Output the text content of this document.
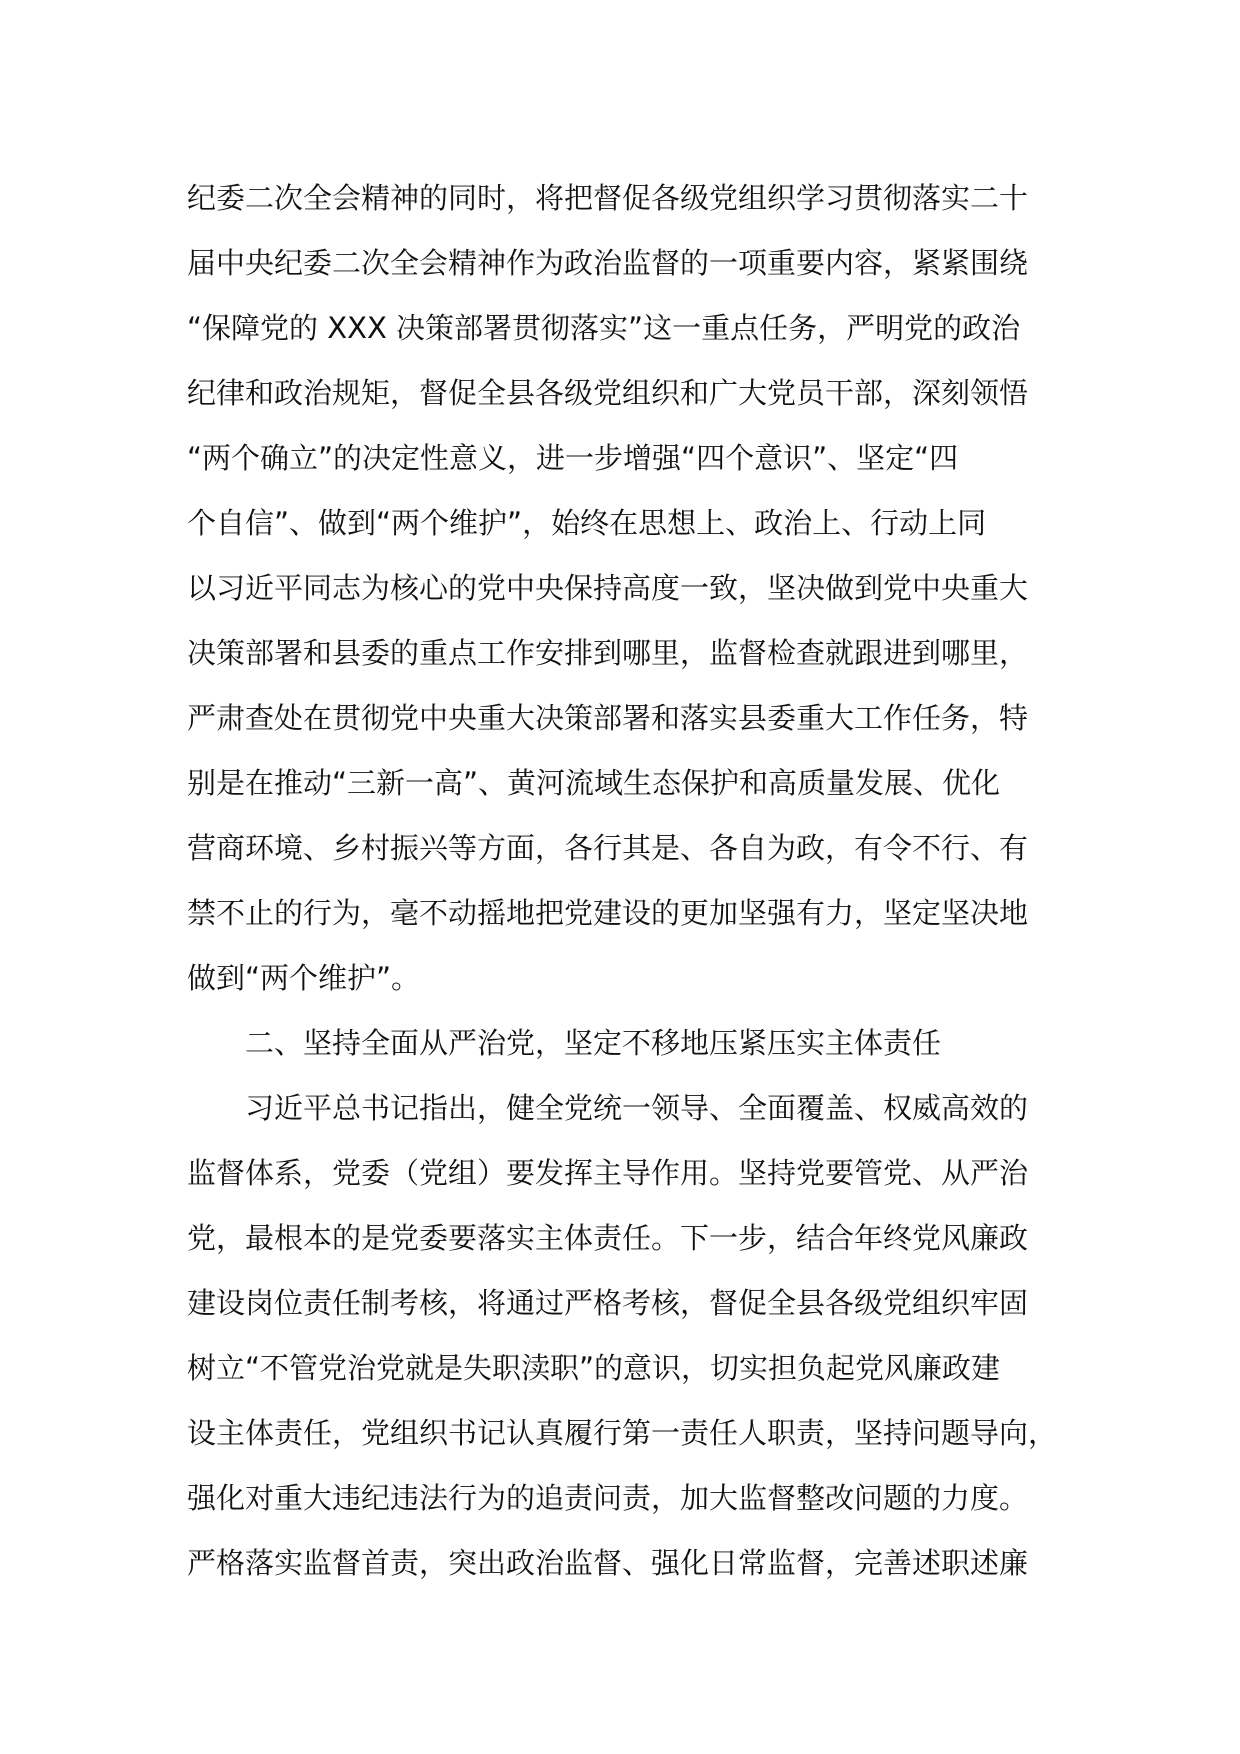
纪委二次全会精神的同时，将把督促各级党组织学习贯彻落实二十
届中央纪委二次全会精神作为政治监督的一项重要内容，紧紧围绕
“保障党的 XXX 决策部署贯彻落实”这一重点任务，严明党的政治
纪律和政治规矩，督促全县各级党组织和广大党员干部，深刻领悟
“两个确立”的决定性意义，进一步增强“四个意识”、坚定“四
个自信”、做到“两个维护”，始终在思想上、政治上、行动上同
以习近平同志为核心的党中央保持高度一致，坚决做到党中央重大
决策部署和县委的重点工作安排到哪里，监督检查就跟进到哪里，
严肃查处在贯彻党中央重大决策部署和落实县委重大工作任务，特
别是在推动“三新一高”、黄河流域生态保护和高质量发展、优化
营商环境、乡村振兴等方面，各行其是、各自为政，有令不行、有
禁不止的行为，毫不动摇地把党建设的更加坚强有力，坚定坚决地
做到“两个维护”。
二、坚持全面从严治党，坚定不移地压紧压实主体责任
习近平总书记指出，健全党统一领导、全面覆盖、权威高效的
监督体系，党委（党组）要发挥主导作用。坚持党要管党、从严治
党，最根本的是党委要落实主体责任。下一步，结合年终党风廉政
建设岗位责任制考核，将通过严格考核，督促全县各级党组织牢固
树立“不管党治党就是失职渎职”的意识，切实担负起党风廉政建
设主体责任，党组织书记认真履行第一责任人职责，坚持问题导向，
强化对重大违纪违法行为的追责问责，加大监督整改问题的力度。
严格落实监督首责，突出政治监督、强化日常监督，完善述职述廉
